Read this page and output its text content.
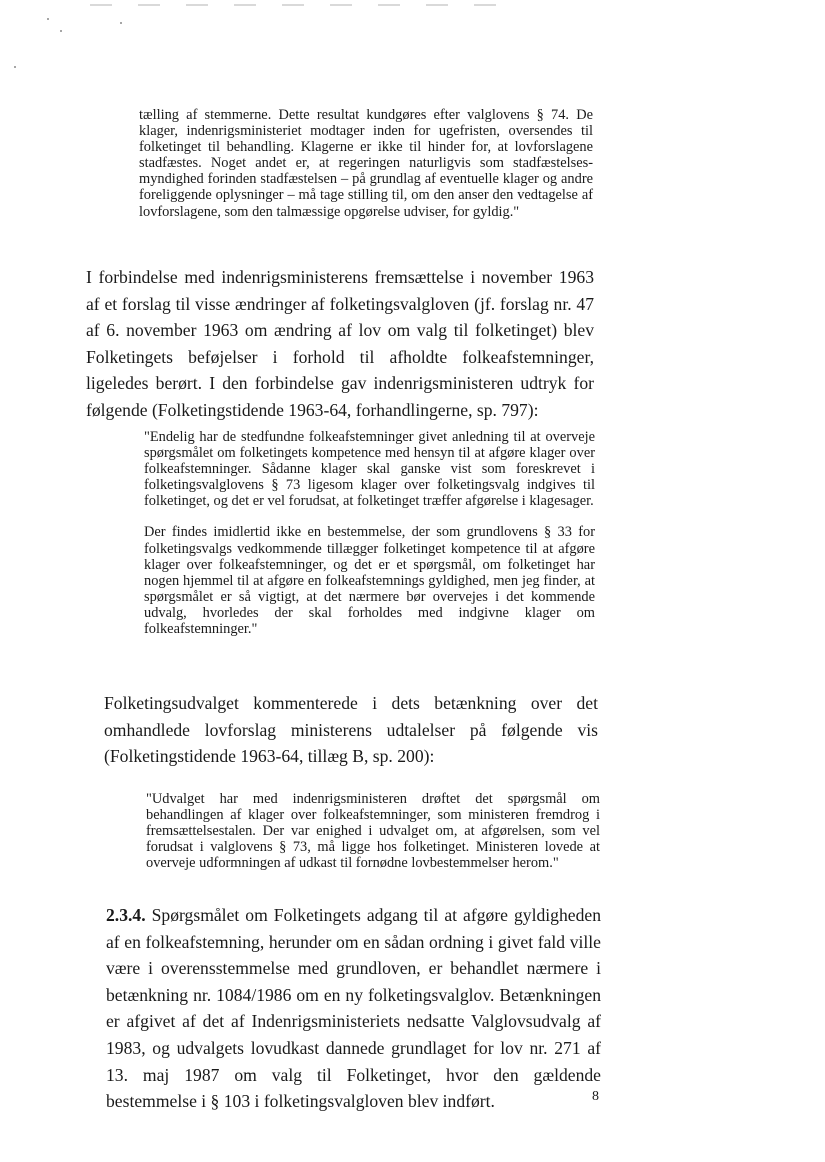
tælling af stemmerne. Dette resultat kundgøres efter valglovens § 74. De klager, indenrigsministeriet modtager inden for ugefristen, oversendes til folketinget til behandling. Klagerne er ikke til hinder for, at lovforslagene stadfæstes. Noget andet er, at regeringen naturligvis som stadfæstelses-myndighed forinden stadfæstelsen – på grundlag af eventuelle klager og andre foreliggende oplysninger – må tage stilling til, om den anser den vedtagelse af lovforslagene, som den talmæssige opgørelse udviser, for gyldig."

I forbindelse med indenrigsministerens fremsættelse i november 1963 af et forslag til visse ændringer af folketingsvalgloven (jf. forslag nr. 47 af 6. november 1963 om ændring af lov om valg til folketinget) blev Folketingets beføjelser i forhold til afholdte folkeafstemninger, ligeledes berørt. I den forbindelse gav indenrigsministeren udtryk for følgende (Folketingstidende 1963-64, forhandlingerne, sp. 797):

"Endelig har de stedfundne folkeafstemninger givet anledning til at overveje spørgsmålet om folketingets kompetence med hensyn til at afgøre klager over folkeafstemninger. Sådanne klager skal ganske vist som foreskrevet i folketingsvalglovens § 73 ligesom klager over folketingsvalg indgives til folketinget, og det er vel forudsat, at folketinget træffer afgørelse i klagesager.

Der findes imidlertid ikke en bestemmelse, der som grundlovens § 33 for folketingsvalgs vedkommende tillægger folketinget kompetence til at afgøre klager over folkeafstemninger, og det er et spørgsmål, om folketinget har nogen hjemmel til at afgøre en folkeafstemnings gyldighed, men jeg finder, at spørgsmålet er så vigtigt, at det nærmere bør overvejes i det kommende udvalg, hvorledes der skal forholdes med indgivne klager om folkeafstemninger."

Folketingsudvalget kommenterede i dets betænkning over det omhandlede lovforslag ministerens udtalelser på følgende vis (Folketingstidende 1963-64, tillæg B, sp. 200):

"Udvalget har med indenrigsministeren drøftet det spørgsmål om behandlingen af klager over folkeafstemninger, som ministeren fremdrog i fremsættelsestalen. Der var enighed i udvalget om, at afgørelsen, som vel forudsat i valglovens § 73, må ligge hos folketinget. Ministeren lovede at overveje udformningen af udkast til fornødne lovbestemmelser herom."

2.3.4. Spørgsmålet om Folketingets adgang til at afgøre gyldigheden af en folkeafstemning, herunder om en sådan ordning i givet fald ville være i overensstemmelse med grundloven, er behandlet nærmere i betænkning nr. 1084/1986 om en ny folketingsvalglov. Betænkningen er afgivet af det af Indenrigsministeriets nedsatte Valglovsudvalg af 1983, og udvalgets lovudkast dannede grundlaget for lov nr. 271 af 13. maj 1987 om valg til Folketinget, hvor den gældende bestemmelse i § 103 i folketingsvalgloven blev indført.	8
